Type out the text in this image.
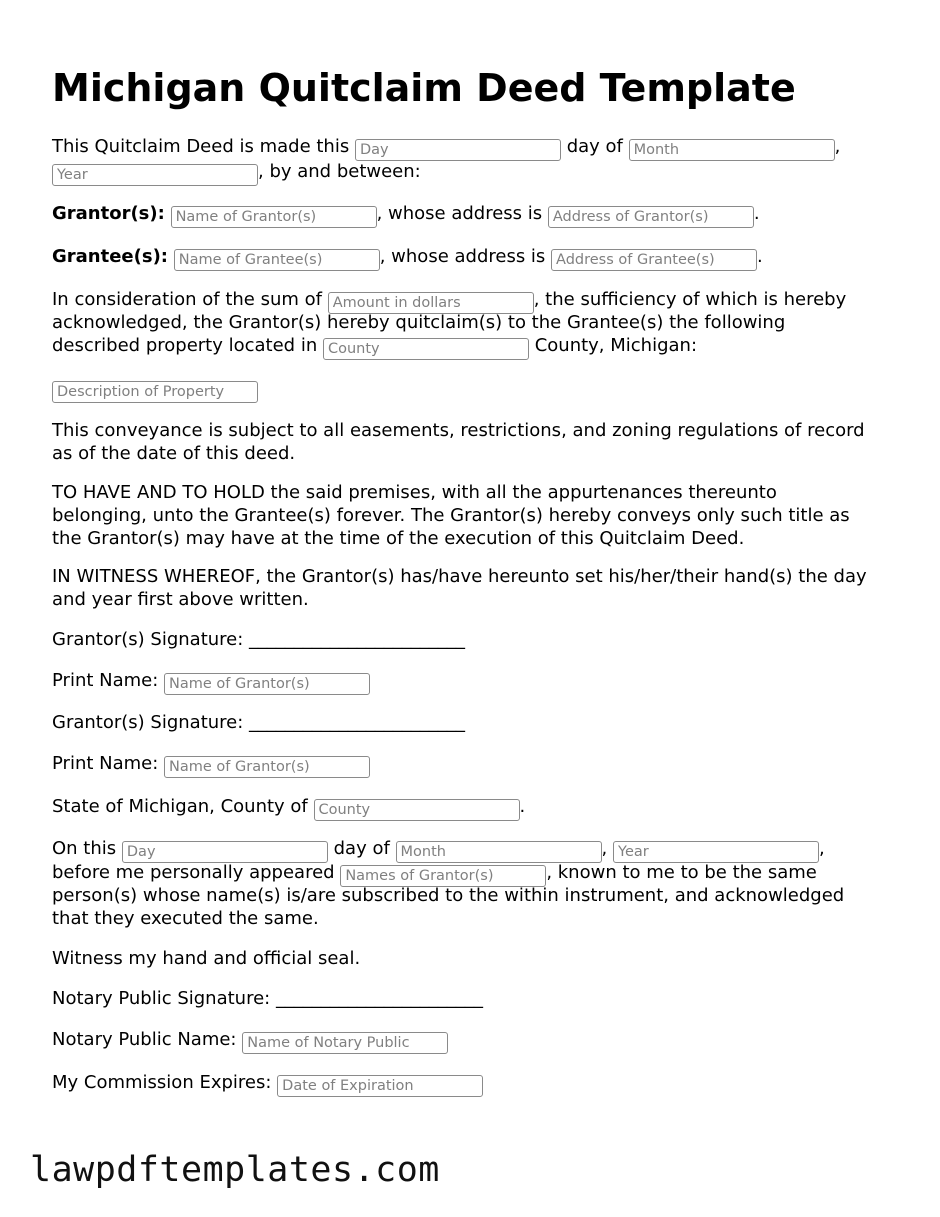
Michigan Quitclaim Deed Template
This Quitclaim Deed is made this Day	day of Month	,
Year, by and between:
Grantor(s): Name of Grantor(s)	, whose address is Address of Grantor(s)	.
Grantee(s): Name of Grantee(s)	, whose address is Address of Grantee(s)	.
In consideration of the sum of Amount in dollars	, the sufficiency of which is hereby
acknowledged, the Grantor(s) hereby quitclaim(s) to the Grantee(s) the following
described property located in County	County, Michigan:
Description of Property
This conveyance is subject to all easements, restrictions, and zoning regulations of record
as of the date of this deed.
TO HAVE AND TO HOLD the said premises, with all the appurtenances thereunto
belonging, unto the Grantee(s) forever. The Grantor(s) hereby conveys only such title as
the Grantor(s) may have at the time of the execution of this Quitclaim Deed.
IN WITNESS WHEREOF, the Grantor(s) has/have hereunto set his/her/their hand(s) the day
and year first above written.
Grantor(s) Signature: ________________________
Print Name: Name of Grantor(s)
Grantor(s) Signature: ________________________
Print Name: Name of Grantor(s)
State of Michigan, County of County	.
On this Day	day of Month	, Year	,
before me personally appeared Names of Grantor(s)	, known to me to be the same
person(s) whose name(s) is/are subscribed to the within instrument, and acknowledged
that they executed the same.
Witness my hand and official seal.
Notary Public Signature: _______________________
Notary Public Name: Name of Notary Public
My Commission Expires: Date of Expiration
lawpdftemplates.com
